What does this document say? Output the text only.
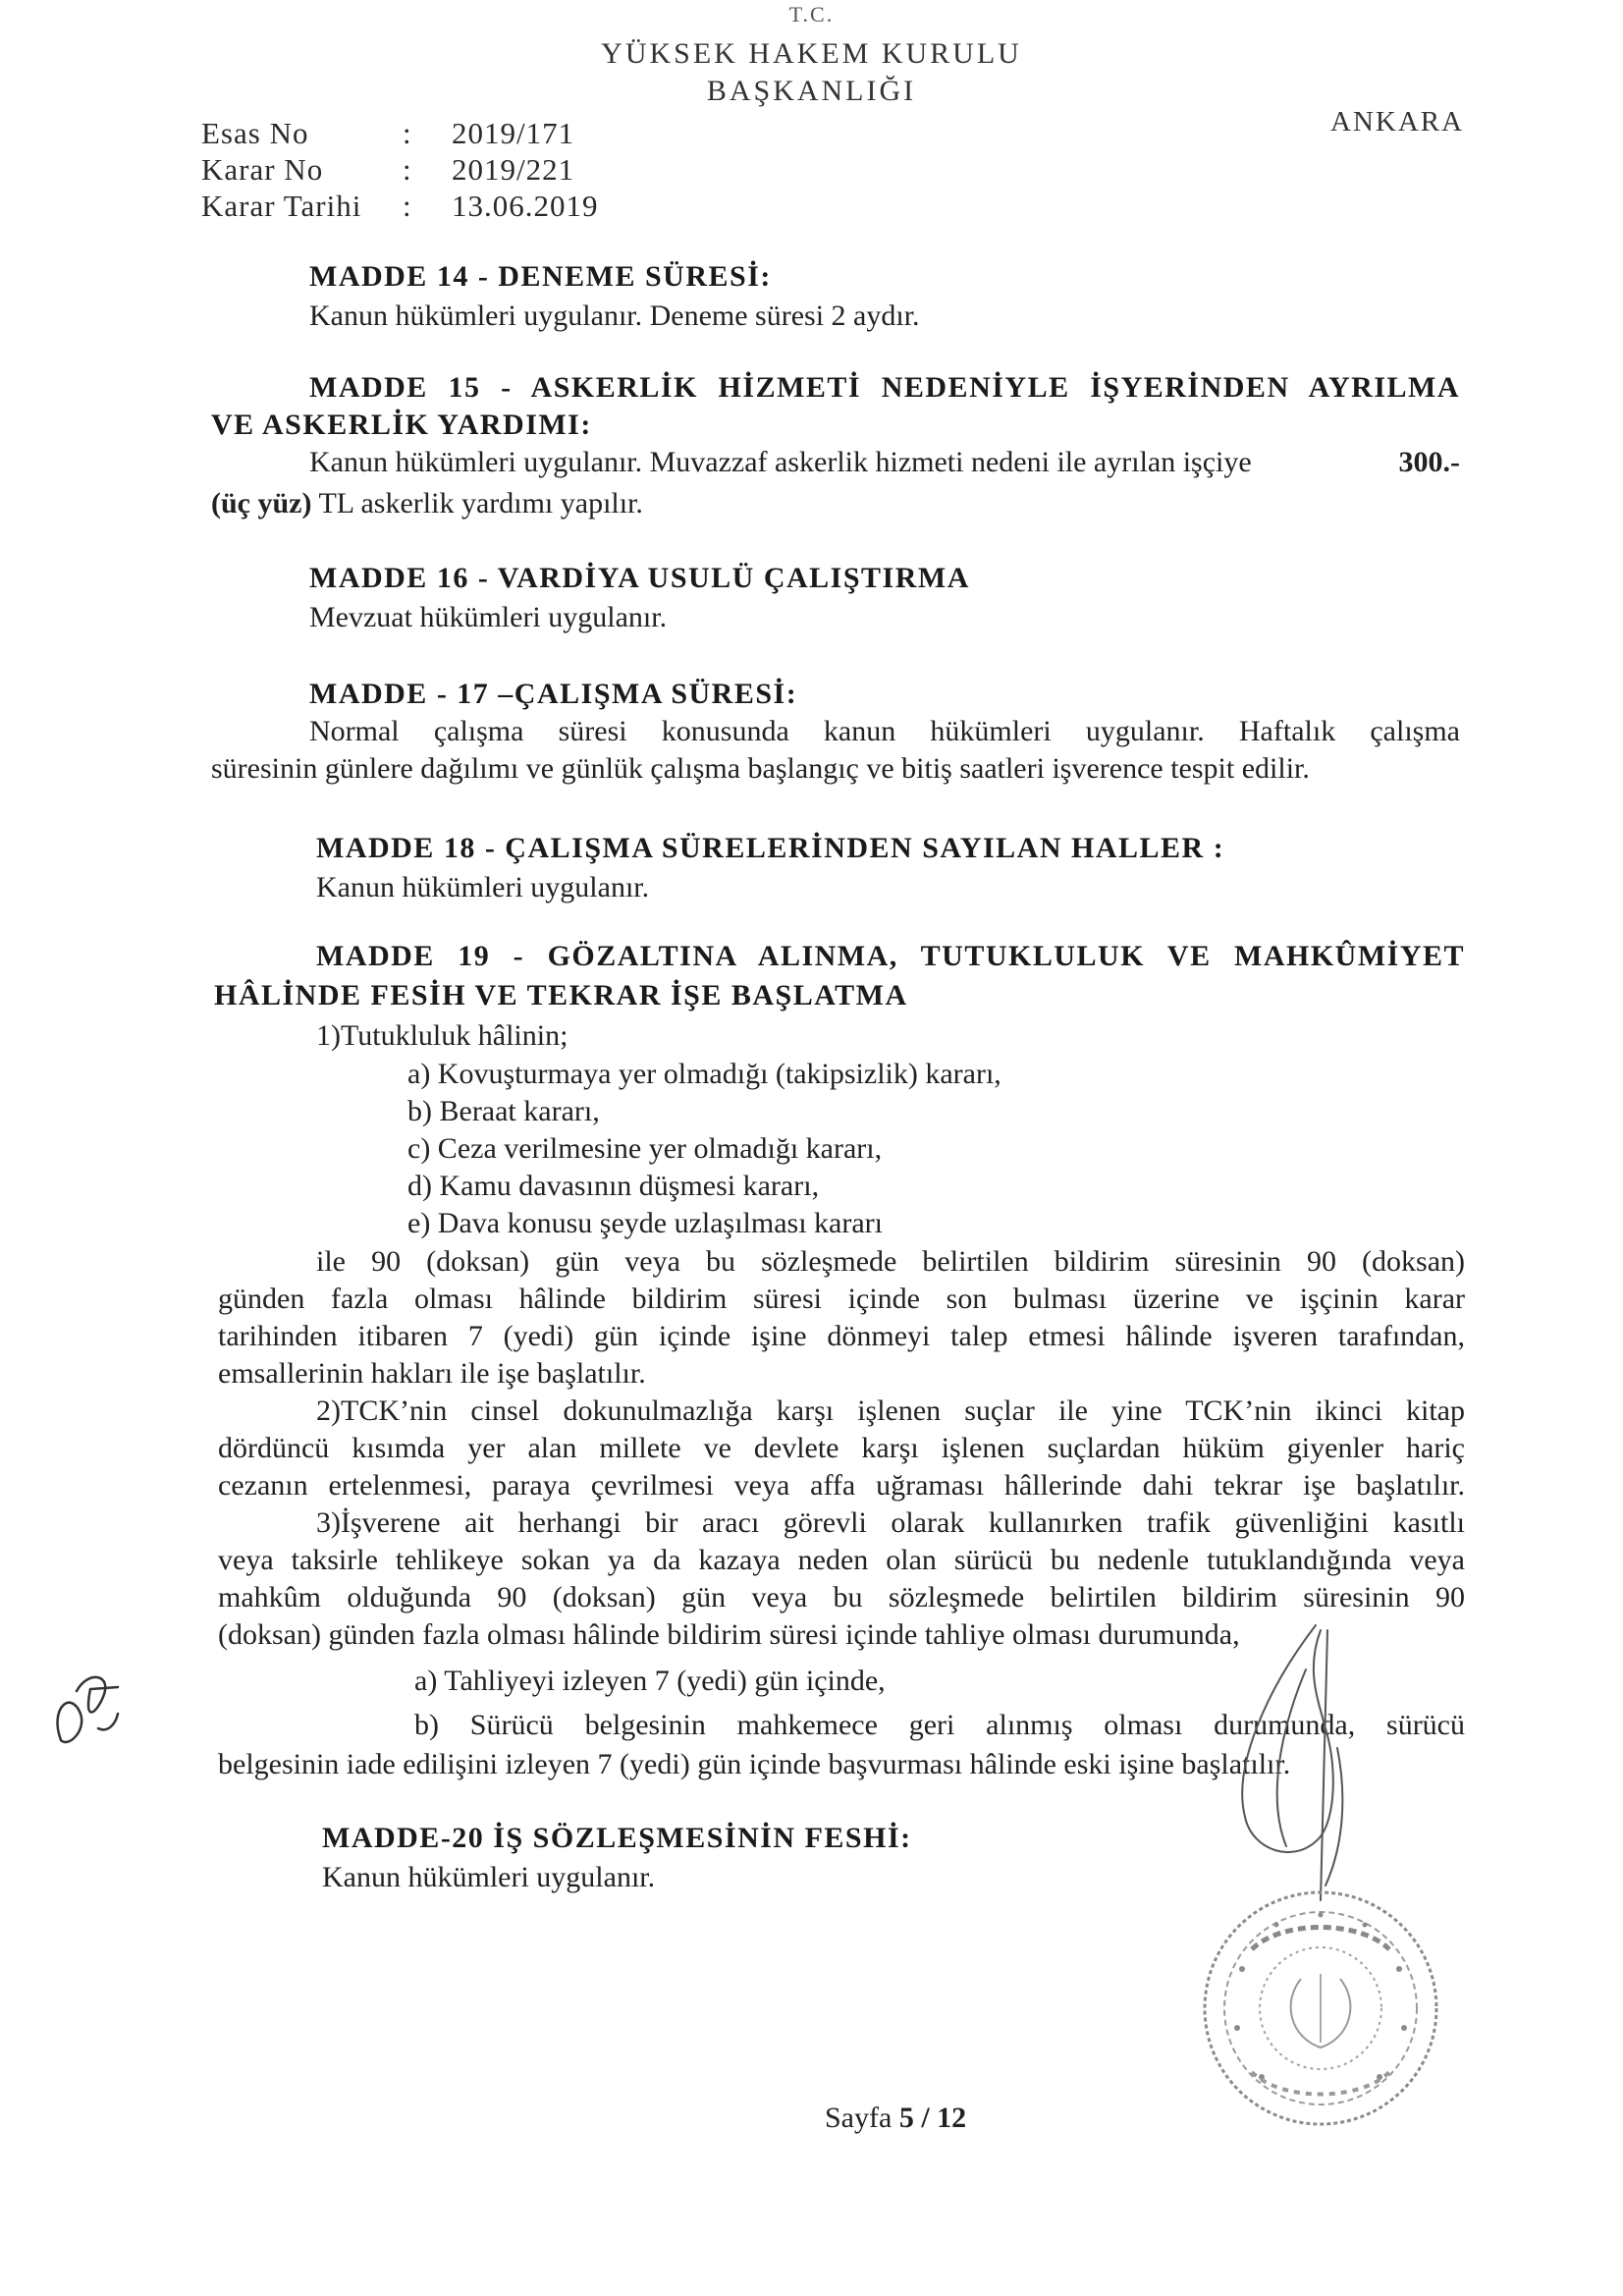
T.C.
YÜKSEK HAKEM KURULU
BAŞKANLIĞI
ANKARA
Esas No	: 2019/171
Karar No	: 2019/221
Karar Tarihi : 13.06.2019
MADDE 14 - DENEME SÜRESİ:
Kanun hükümleri uygulanır. Deneme süresi 2 aydır.
MADDE 15 - ASKERLİK HİZMETİ NEDENİYLE İŞYERİNDEN AYRILMA
VE ASKERLİK YARDIMI:
Kanun hükümleri uygulanır. Muvazzaf askerlik hizmeti nedeni ile ayrılan işçiye	300.-
(üç yüz) TL askerlik yardımı yapılır.
MADDE 16 - VARDİYA USULÜ ÇALIŞTIRMA
Mevzuat hükümleri uygulanır.
MADDE - 17 –ÇALIŞMA SÜRESİ:
Normal çalışma süresi konusunda kanun hükümleri uygulanır. Haftalık çalışma
süresinin günlere dağılımı ve günlük çalışma başlangıç ve bitiş saatleri işverence tespit edilir.
MADDE 18 - ÇALIŞMA SÜRELERİNDEN SAYILAN HALLER :
Kanun hükümleri uygulanır.
MADDE 19 - GÖZALTINA ALINMA, TUTUKLULUK VE MAHKÛMİYET
HÂLİNDE FESİH VE TEKRAR İŞE BAŞLATMA
1)Tutukluluk hâlinin;
a) Kovuşturmaya yer olmadığı (takipsizlik) kararı,
b) Beraat kararı,
c) Ceza verilmesine yer olmadığı kararı,
d) Kamu davasının düşmesi kararı,
e) Dava konusu şeyde uzlaşılması kararı
ile 90 (doksan) gün veya bu sözleşmede belirtilen bildirim süresinin 90 (doksan)
günden fazla olması hâlinde bildirim süresi içinde son bulması üzerine ve işçinin karar
tarihinden itibaren 7 (yedi) gün içinde işine dönmeyi talep etmesi hâlinde işveren tarafından,
emsallerinin hakları ile işe başlatılır.
2)TCK’nin cinsel dokunulmazlığa karşı işlenen suçlar ile yine TCK’nin ikinci kitap
dördüncü kısımda yer alan millete ve devlete karşı işlenen suçlardan hüküm giyenler hariç
cezanın ertelenmesi, paraya çevrilmesi veya affa uğraması hâllerinde dahi tekrar işe başlatılır.
3)İşverene ait herhangi bir aracı görevli olarak kullanırken trafik güvenliğini kasıtlı
veya taksirle tehlikeye sokan ya da kazaya neden olan sürücü bu nedenle tutuklandığında veya
mahkûm olduğunda 90 (doksan) gün veya bu sözleşmede belirtilen bildirim süresinin 90
(doksan) günden fazla olması hâlinde bildirim süresi içinde tahliye olması durumunda,
a) Tahliyeyi izleyen 7 (yedi) gün içinde,
b) Sürücü belgesinin mahkemece geri alınmış olması durumunda, sürücü
belgesinin iade edilişini izleyen 7 (yedi) gün içinde başvurması hâlinde eski işine başlatılır.
MADDE-20 İŞ SÖZLEŞMESİNİN FESHİ:
Kanun hükümleri uygulanır.
Sayfa 5 / 12
